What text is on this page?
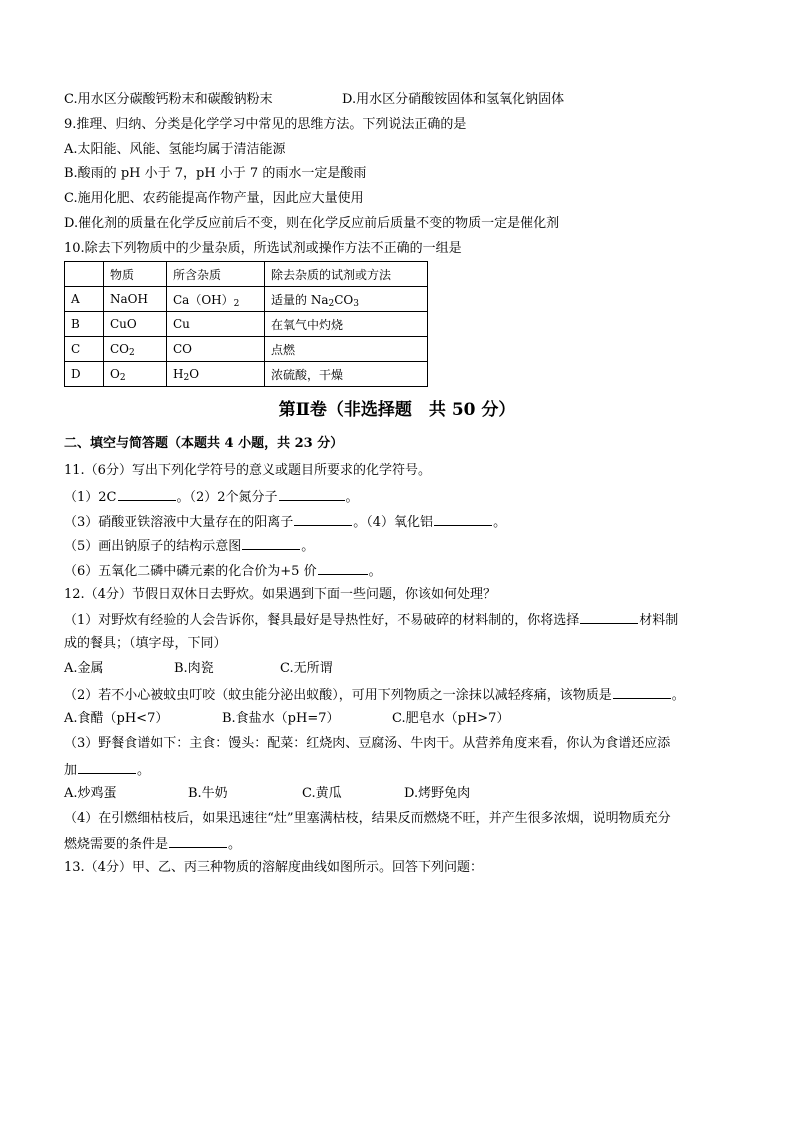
C.用水区分碳酸钙粉末和碳酸钠粉末	D.用水区分硝酸铵固体和氢氧化钠固体
9.推理、归纳、分类是化学学习中常见的思维方法。下列说法正确的是
A.太阳能、风能、氢能均属于清洁能源
B.酸雨的 pH 小于 7，pH 小于 7 的雨水一定是酸雨
C.施用化肥、农药能提高作物产量，因此应大量使用
D.催化剂的质量在化学反应前后不变，则在化学反应前后质量不变的物质一定是催化剂
10.除去下列物质中的少量杂质，所选试剂或操作方法不正确的一组是
	物质	所含杂质	除去杂质的试剂或方法
A	NaOH	$Ca(OH)_2$	适量的 $Na_2CO_3$
B	CuO	Cu	在氧气中灼烧
C	$CO_2$	CO	点燃
D	$O_2$	$H_2O$	浓硫酸，干燥
第Ⅱ卷（非选择题　共 50 分）
二、填空与简答题（本题共 4 小题，共 23 分）
11.（6分）写出下列化学符号的意义或题目所要求的化学符号。
（1）2C	。（2）2个氮分子	。
（3）硝酸亚铁溶液中大量存在的阳离子	。（4）氧化铝	。
（5）画出钠原子的结构示意图	。
（6）五氧化二磷中磷元素的化合价为+5 价	。
12.（4分）节假日双休日去野炊。如果遇到下面一些问题，你该如何处理？
（1）对野炊有经验的人会告诉你，餐具最好是导热性好，不易破碎的材料制的，你将选择	材料制
成的餐具；（填字母，下同）
A.金属	B.肉瓷	C.无所谓
（2）若不小心被蚊虫叮咬（蚊虫能分泌出蚁酸），可用下列物质之一涂抹以减轻疼痛，该物质是	。
A.食醋（pH<7）	B.食盐水（pH=7）	C.肥皂水（pH>7）
（3）野餐食谱如下：主食：馒头：配菜：红烧肉、豆腐汤、牛肉干。从营养角度来看，你认为食谱还应添
加	。
A.炒鸡蛋	B.牛奶	C.黄瓜	D.烤野兔肉
（4）在引燃细枯枝后，如果迅速往“灶”里塞满枯枝，结果反而燃烧不旺，并产生很多浓烟，说明物质充分
燃烧需要的条件是	。
13.（4分）甲、乙、丙三种物质的溶解度曲线如图所示。回答下列问题：
